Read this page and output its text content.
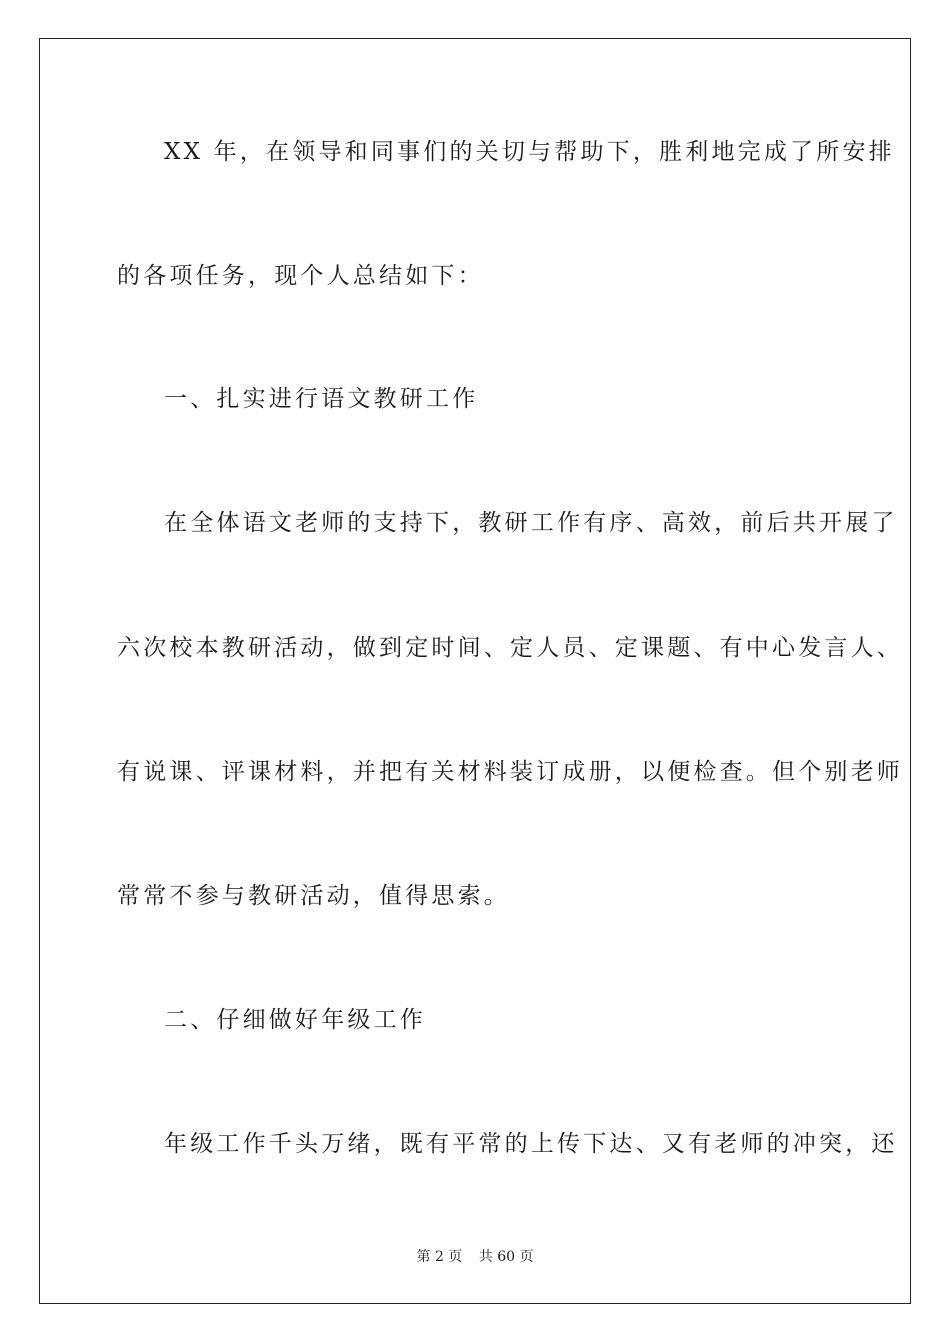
XX 年，在领导和同事们的关切与帮助下，胜利地完成了所安排
的各项任务，现个人总结如下：
一、扎实进行语文教研工作
在全体语文老师的支持下，教研工作有序、高效，前后共开展了
六次校本教研活动，做到定时间、定人员、定课题、有中心发言人、
有说课、评课材料，并把有关材料装订成册，以便检查。但个别老师
常常不参与教研活动，值得思索。
二、仔细做好年级工作
年级工作千头万绪，既有平常的上传下达、又有老师的冲突，还
第 2 页 共 60 页
